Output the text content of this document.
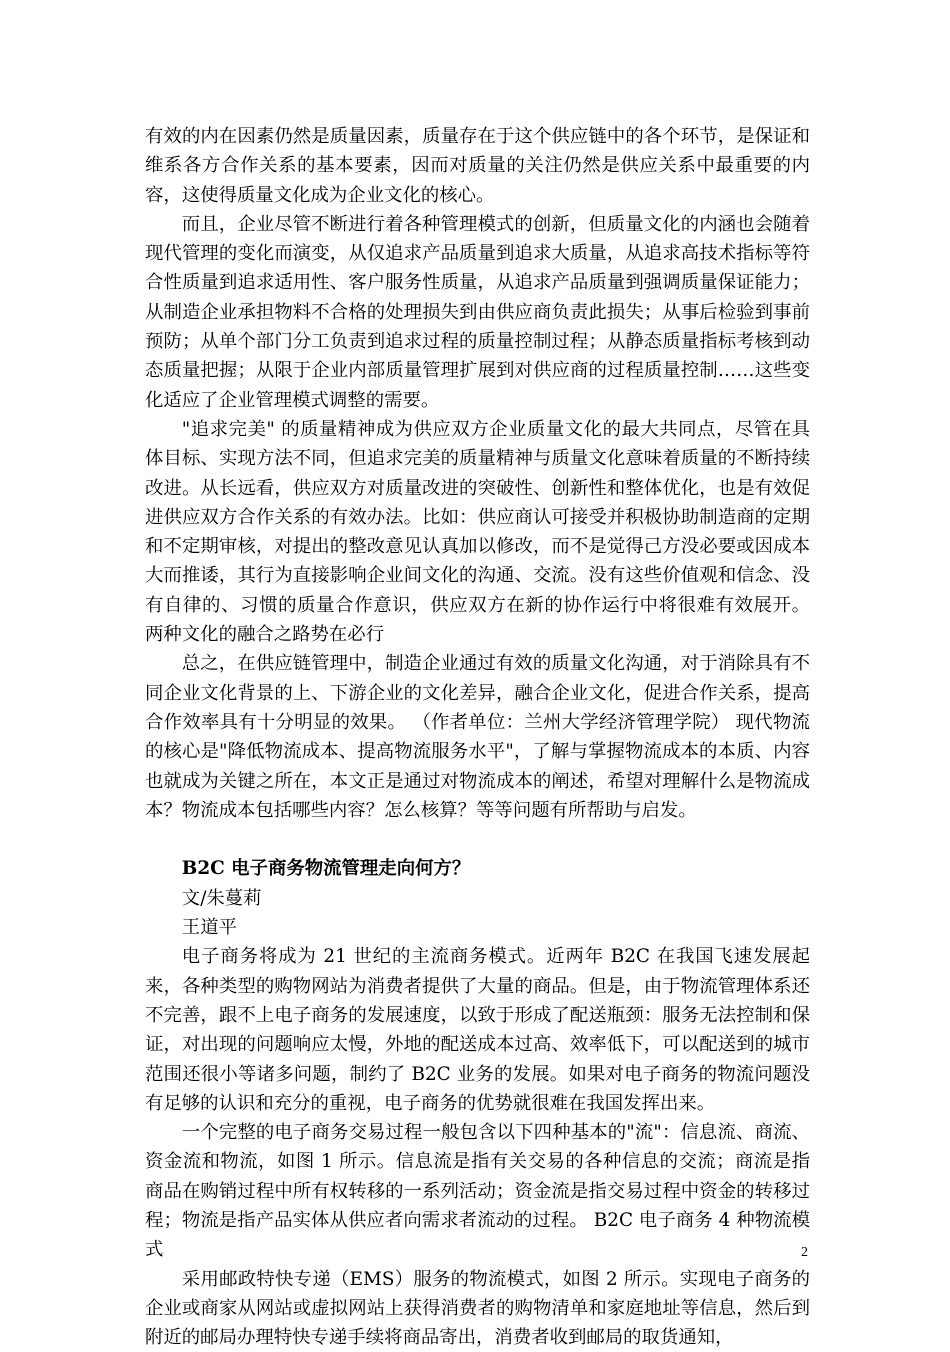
有效的内在因素仍然是质量因素，质量存在于这个供应链中的各个环节，是保证和维系各方合作关系的基本要素，因而对质量的关注仍然是供应关系中最重要的内容，这使得质量文化成为企业文化的核心。

而且，企业尽管不断进行着各种管理模式的创新，但质量文化的内涵也会随着现代管理的变化而演变，从仅追求产品质量到追求大质量，从追求高技术指标等符合性质量到追求适用性、客户服务性质量，从追求产品质量到强调质量保证能力；从制造企业承担物料不合格的处理损失到由供应商负责此损失；从事后检验到事前预防；从单个部门分工负责到追求过程的质量控制过程；从静态质量指标考核到动态质量把握；从限于企业内部质量管理扩展到对供应商的过程质量控制……这些变化适应了企业管理模式调整的需要。

"追求完美" 的质量精神成为供应双方企业质量文化的最大共同点，尽管在具体目标、实现方法不同，但追求完美的质量精神与质量文化意味着质量的不断持续改进。从长远看，供应双方对质量改进的突破性、创新性和整体优化，也是有效促进供应双方合作关系的有效办法。比如：供应商认可接受并积极协助制造商的定期和不定期审核，对提出的整改意见认真加以修改，而不是觉得己方没必要或因成本大而推诿，其行为直接影响企业间文化的沟通、交流。没有这些价值观和信念、没有自律的、习惯的质量合作意识，供应双方在新的协作运行中将很难有效展开。 两种文化的融合之路势在必行

总之，在供应链管理中，制造企业通过有效的质量文化沟通，对于消除具有不同企业文化背景的上、下游企业的文化差异，融合企业文化，促进合作关系，提高合作效率具有十分明显的效果。 （作者单位：兰州大学经济管理学院） 现代物流的核心是"降低物流成本、提高物流服务水平"，了解与掌握物流成本的本质、内容也就成为关键之所在，本文正是通过对物流成本的阐述，希望对理解什么是物流成本？物流成本包括哪些内容？怎么核算？等等问题有所帮助与启发。

B2C 电子商务物流管理走向何方？

文/朱蔓莉

王道平

电子商务将成为 21 世纪的主流商务模式。近两年 B2C 在我国飞速发展起来，各种类型的购物网站为消费者提供了大量的商品。但是，由于物流管理体系还不完善，跟不上电子商务的发展速度，以致于形成了配送瓶颈：服务无法控制和保证，对出现的问题响应太慢，外地的配送成本过高、效率低下，可以配送到的城市范围还很小等诸多问题，制约了 B2C 业务的发展。如果对电子商务的物流问题没有足够的认识和充分的重视，电子商务的优势就很难在我国发挥出来。

一个完整的电子商务交易过程一般包含以下四种基本的"流"：信息流、商流、资金流和物流，如图 1 所示。信息流是指有关交易的各种信息的交流；商流是指商品在购销过程中所有权转移的一系列活动；资金流是指交易过程中资金的转移过程；物流是指产品实体从供应者向需求者流动的过程。 B2C 电子商务 4 种物流模式

采用邮政特快专递（EMS）服务的物流模式，如图 2 所示。实现电子商务的企业或商家从网站或虚拟网站上获得消费者的购物清单和家庭地址等信息，然后到附近的邮局办理特快专递手续将商品寄出，消费者收到邮局的取货通知，

2
